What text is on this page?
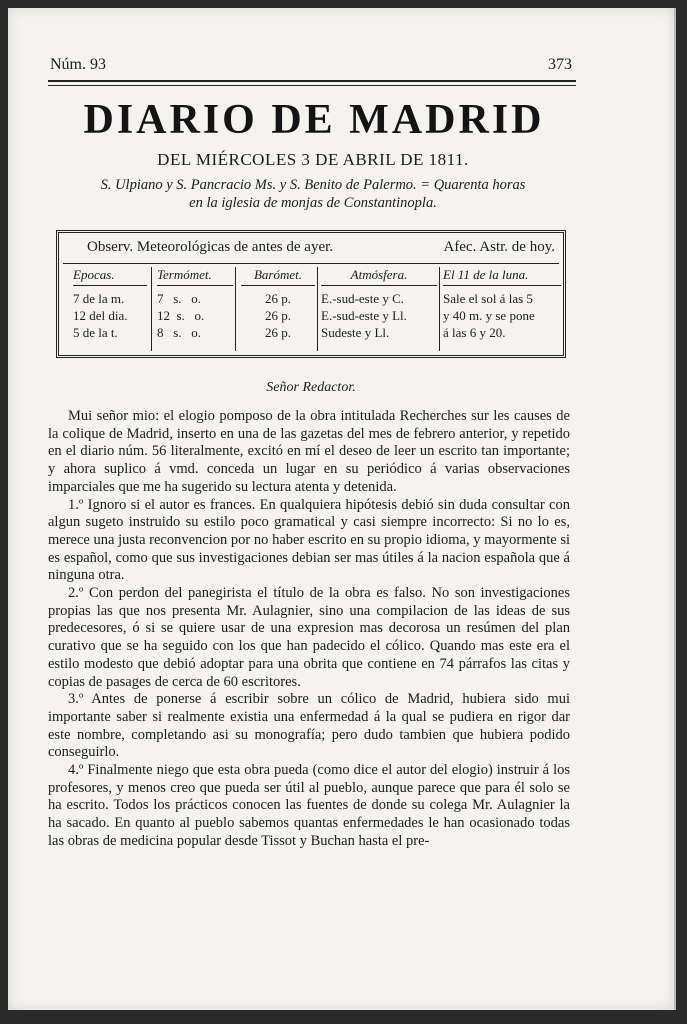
Núm. 93	373
DIARIO DE MADRID
DEL MIÉRCOLES 3 DE ABRIL DE 1811.
S. Ulpiano y S. Pancracio Ms. y S. Benito de Palermo. = Quarenta horas
en la iglesia de monjas de Constantinopla.
Observ. Meteorológicas de antes de ayer.	Afec. Astr. de hoy.
Epocas.
7 de la m.
12 del dia.
5 de la t.
Termómet.
7   s.   o.
12  s.   o.
8   s.   o.
Barómet.
26 p.
26 p.
26 p.
Atmósfera.
E.-sud-este y C.
E.-sud-este y Ll.
Sudeste y Ll.
El 11 de la luna.
Sale el sol á las 5
y 40 m. y se pone
á las 6 y 20.
Señor Redactor.

Mui señor mio: el elogio pomposo de la obra intitulada Recherches sur les causes de la colique de Madrid, inserto en una de las gazetas del mes de febrero anterior, y repetido en el diario núm. 56 literalmente, excitó en mí el deseo de leer un escrito tan importante; y ahora suplico á vmd. conceda un lugar en su periódico á varias observaciones imparciales que me ha sugerido su lectura atenta y detenida.

1.º Ignoro si el autor es frances. En qualquiera hipótesis debió sin duda consultar con algun sugeto instruido su estilo poco gramatical y casi siempre incorrecto: Si no lo es, merece una justa reconvencion por no haber escrito en su propio idioma, y mayormente si es español, como que sus investigaciones debian ser mas útiles á la nacion española que á ninguna otra.

2.º Con perdon del panegirista el título de la obra es falso. No son investigaciones propias las que nos presenta Mr. Aulagnier, sino una compilacion de las ideas de sus predecesores, ó si se quiere usar de una expresion mas decorosa un resúmen del plan curativo que se ha seguido con los que han padecido el cólico. Quando mas este era el estilo modesto que debió adoptar para una obrita que contiene en 74 párrafos las citas y copias de pasages de cerca de 60 escritores.

3.º Antes de ponerse á escribir sobre un cólico de Madrid, hubiera sido mui importante saber si realmente existia una enfermedad á la qual se pudiera en rigor dar este nombre, completando asi su monografía; pero dudo tambien que hubiera podido conseguirlo.

4.º Finalmente niego que esta obra pueda (como dice el autor del elogio) instruir á los profesores, y menos creo que pueda ser útil al pueblo, aunque parece que para él solo se ha escrito. Todos los prácticos conocen las fuentes de donde su colega Mr. Aulagnier la ha sacado. En quanto al pueblo sabemos quantas enfermedades le han ocasionado todas las obras de medicina popular desde Tissot y Buchan hasta el pre-
